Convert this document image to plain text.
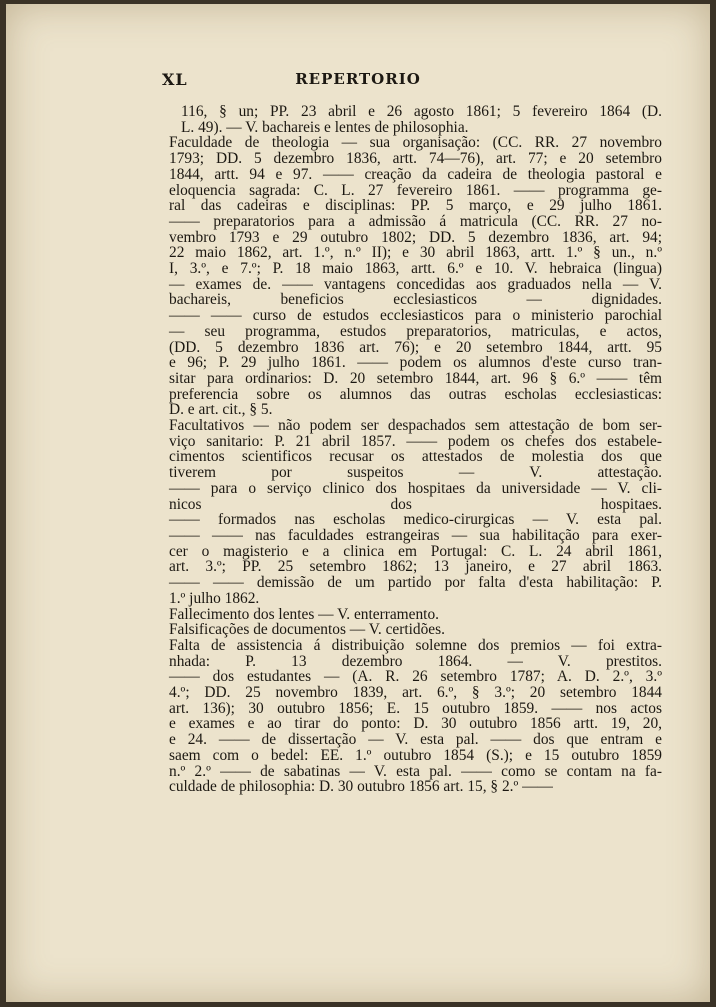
XL	REPERTORIO

116, § un; PP. 23 abril e 26 agosto 1861; 5 fevereiro 1864 (D.
L. 49). — V. bachareis e lentes de philosophia.

Faculdade de theologia — sua organisação: (CC. RR. 27 novembro
1793; DD. 5 dezembro 1836, artt. 74—76), art. 77; e 20 setembro
1844, artt. 94 e 97. —— creação da cadeira de theologia pastoral e
eloquencia sagrada: C. L. 27 fevereiro 1861. —— programma ge-
ral das cadeiras e disciplinas: PP. 5 março, e 29 julho 1861.
—— preparatorios para a admissão á matricula (CC. RR. 27 no-
vembro 1793 e 29 outubro 1802; DD. 5 dezembro 1836, art. 94;
22 maio 1862, art. 1.º, n.º II); e 30 abril 1863, artt. 1.º § un., n.º
I, 3.º, e 7.º; P. 18 maio 1863, artt. 6.º e 10. V. hebraica (lingua)
— exames de. —— vantagens concedidas aos graduados nella — V.
bachareis, beneficios ecclesiasticos — dignidades.
—— —— curso de estudos ecclesiasticos para o ministerio parochial
— seu programma, estudos preparatorios, matriculas, e actos,
(DD. 5 dezembro 1836 art. 76); e 20 setembro 1844, artt. 95
e 96; P. 29 julho 1861. —— podem os alumnos d'este curso tran-
sitar para ordinarios: D. 20 setembro 1844, art. 96 § 6.º —— têm
preferencia sobre os alumnos das outras escholas ecclesiasticas:
D. e art. cit., § 5.

Facultativos — não podem ser despachados sem attestação de bom ser-
viço sanitario: P. 21 abril 1857. —— podem os chefes dos estabele-
cimentos scientificos recusar os attestados de molestia dos que
tiverem por suspeitos — V. attestação.
—— para o serviço clinico dos hospitaes da universidade — V. cli-
nicos dos hospitaes.
—— formados nas escholas medico-cirurgicas — V. esta pal.
—— —— nas faculdades estrangeiras — sua habilitação para exer-
cer o magisterio e a clinica em Portugal: C. L. 24 abril 1861,
art. 3.º; PP. 25 setembro 1862; 13 janeiro, e 27 abril 1863.
—— —— demissão de um partido por falta d'esta habilitação: P.
1.º julho 1862.

Fallecimento dos lentes — V. enterramento.

Falsificações de documentos — V. certidões.

Falta de assistencia á distribuição solemne dos premios — foi extra-
nhada: P. 13 dezembro 1864. — V. prestitos.
—— dos estudantes — (A. R. 26 setembro 1787; A. D. 2.º, 3.º
4.º; DD. 25 novembro 1839, art. 6.º, § 3.º; 20 setembro 1844
art. 136); 30 outubro 1856; E. 15 outubro 1859. —— nos actos
e exames e ao tirar do ponto: D. 30 outubro 1856 artt. 19, 20,
e 24. —— de dissertação — V. esta pal. —— dos que entram e
saem com o bedel: EE. 1.º outubro 1854 (S.); e 15 outubro 1859
n.º 2.º —— de sabatinas — V. esta pal. —— como se contam na fa-
culdade de philosophia: D. 30 outubro 1856 art. 15, § 2.º ——
